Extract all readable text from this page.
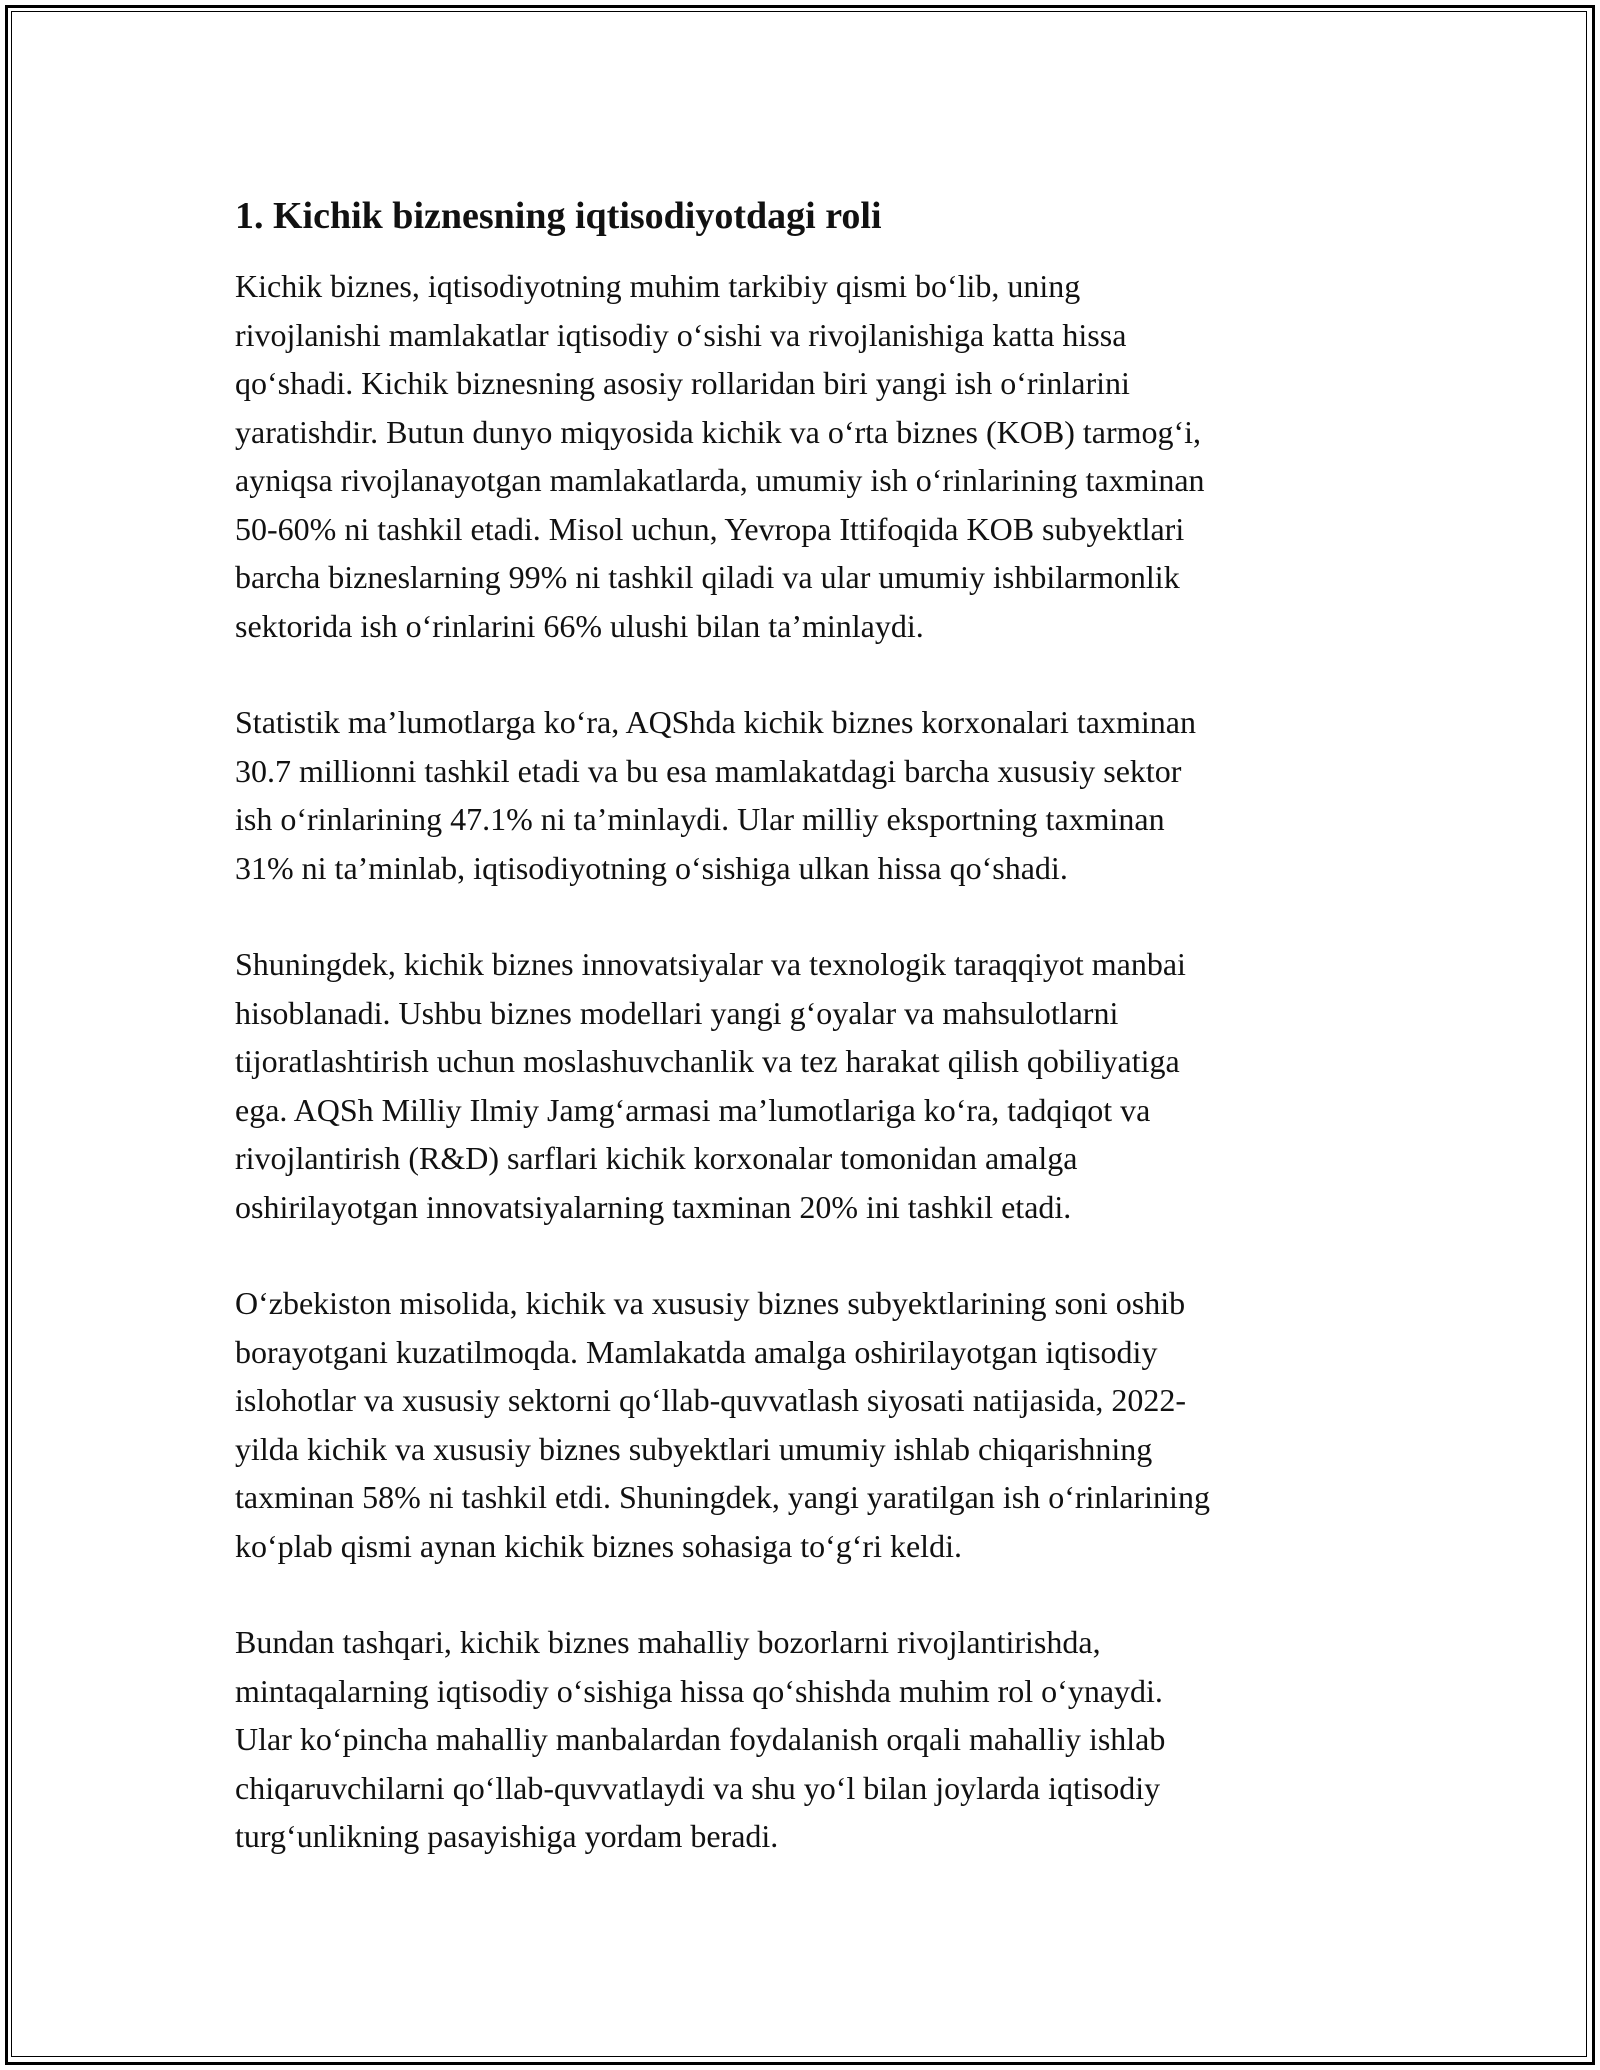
1. Kichik biznesning iqtisodiyotdagi roli

Kichik biznes, iqtisodiyotning muhim tarkibiy qismi bo‘lib, uning
rivojlanishi mamlakatlar iqtisodiy o‘sishi va rivojlanishiga katta hissa
qo‘shadi. Kichik biznesning asosiy rollaridan biri yangi ish o‘rinlarini
yaratishdir. Butun dunyo miqyosida kichik va o‘rta biznes (KOB) tarmog‘i,
ayniqsa rivojlanayotgan mamlakatlarda, umumiy ish o‘rinlarining taxminan
50-60% ni tashkil etadi. Misol uchun, Yevropa Ittifoqida KOB subyektlari
barcha bizneslarning 99% ni tashkil qiladi va ular umumiy ishbilarmonlik
sektorida ish o‘rinlarini 66% ulushi bilan ta’minlaydi.

Statistik ma’lumotlarga ko‘ra, AQShda kichik biznes korxonalari taxminan
30.7 millionni tashkil etadi va bu esa mamlakatdagi barcha xususiy sektor
ish o‘rinlarining 47.1% ni ta’minlaydi. Ular milliy eksportning taxminan
31% ni ta’minlab, iqtisodiyotning o‘sishiga ulkan hissa qo‘shadi.

Shuningdek, kichik biznes innovatsiyalar va texnologik taraqqiyot manbai
hisoblanadi. Ushbu biznes modellari yangi g‘oyalar va mahsulotlarni
tijoratlashtirish uchun moslashuvchanlik va tez harakat qilish qobiliyatiga
ega. AQSh Milliy Ilmiy Jamg‘armasi ma’lumotlariga ko‘ra, tadqiqot va
rivojlantirish (R&D) sarflari kichik korxonalar tomonidan amalga
oshirilayotgan innovatsiyalarning taxminan 20% ini tashkil etadi.

O‘zbekiston misolida, kichik va xususiy biznes subyektlarining soni oshib
borayotgani kuzatilmoqda. Mamlakatda amalga oshirilayotgan iqtisodiy
islohotlar va xususiy sektorni qo‘llab-quvvatlash siyosati natijasida, 2022-
yilda kichik va xususiy biznes subyektlari umumiy ishlab chiqarishning
taxminan 58% ni tashkil etdi. Shuningdek, yangi yaratilgan ish o‘rinlarining
ko‘plab qismi aynan kichik biznes sohasiga to‘g‘ri keldi.

Bundan tashqari, kichik biznes mahalliy bozorlarni rivojlantirishda,
mintaqalarning iqtisodiy o‘sishiga hissa qo‘shishda muhim rol o‘ynaydi.
Ular ko‘pincha mahalliy manbalardan foydalanish orqali mahalliy ishlab
chiqaruvchilarni qo‘llab-quvvatlaydi va shu yo‘l bilan joylarda iqtisodiy
turg‘unlikning pasayishiga yordam beradi.
